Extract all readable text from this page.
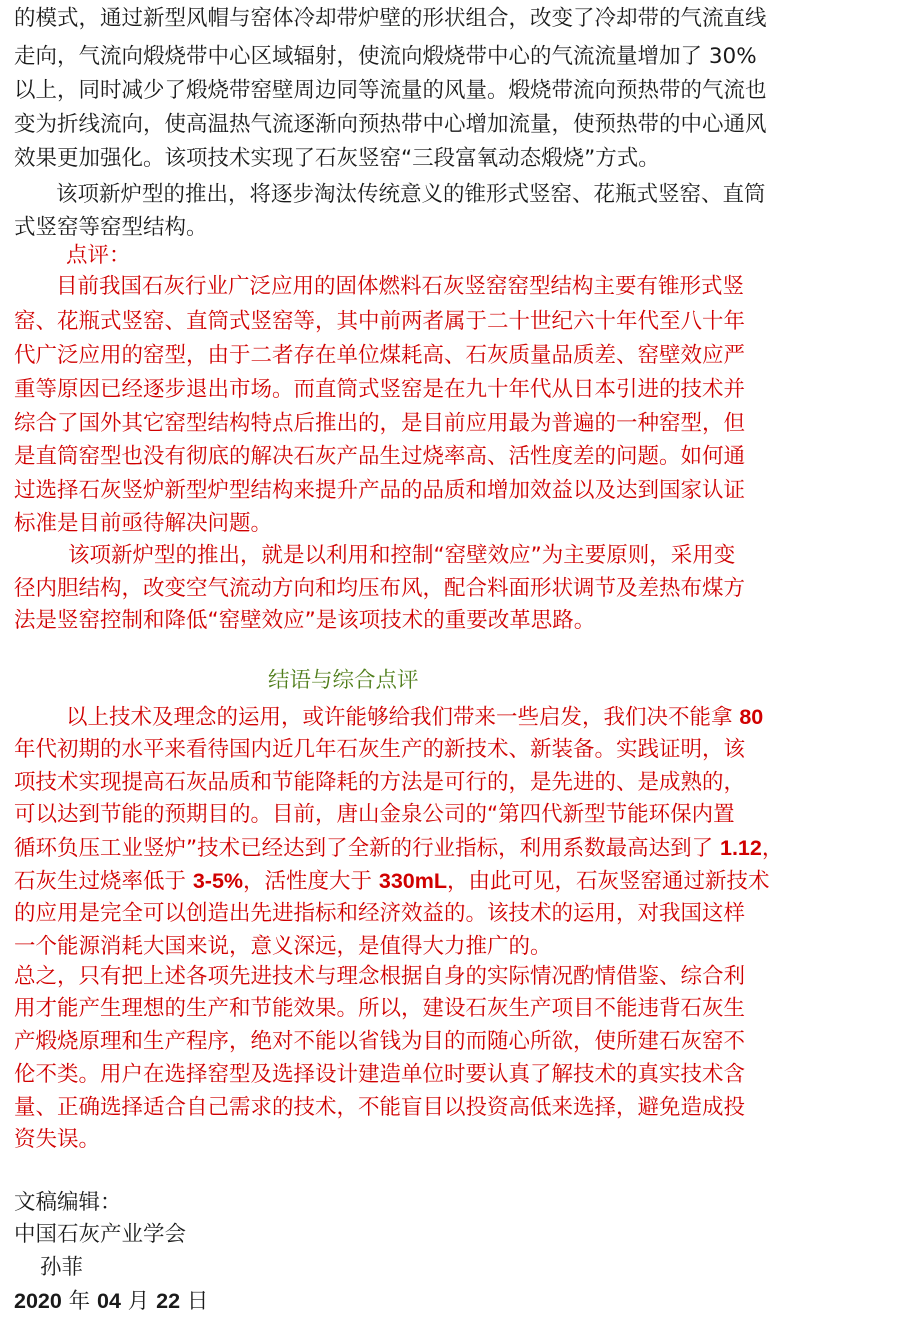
的模式，通过新型风帽与窑体冷却带炉壁的形状组合，改变了冷却带的气流直线
走向，气流向煅烧带中心区域辐射，使流向煅烧带中心的气流流量增加了 30%
以上，同时减少了煅烧带窑壁周边同等流量的风量。煅烧带流向预热带的气流也
变为折线流向，使高温热气流逐渐向预热带中心增加流量，使预热带的中心通风
效果更加强化。该项技术实现了石灰竖窑“三段富氧动态煅烧”方式。
该项新炉型的推出，将逐步淘汰传统意义的锥形式竖窑、花瓶式竖窑、直筒
式竖窑等窑型结构。
点评：
目前我国石灰行业广泛应用的固体燃料石灰竖窑窑型结构主要有锥形式竖
窑、花瓶式竖窑、直筒式竖窑等，其中前两者属于二十世纪六十年代至八十年
代广泛应用的窑型，由于二者存在单位煤耗高、石灰质量品质差、窑壁效应严
重等原因已经逐步退出市场。而直筒式竖窑是在九十年代从日本引进的技术并
综合了国外其它窑型结构特点后推出的，是目前应用最为普遍的一种窑型，但
是直筒窑型也没有彻底的解决石灰产品生过烧率高、活性度差的问题。如何通
过选择石灰竖炉新型炉型结构来提升产品的品质和增加效益以及达到国家认证
标准是目前亟待解决问题。
该项新炉型的推出，就是以利用和控制“窑壁效应”为主要原则，采用变
径内胆结构，改变空气流动方向和均压布风，配合料面形状调节及差热布煤方
法是竖窑控制和降低“窑壁效应”是该项技术的重要改革思路。
结语与综合点评
以上技术及理念的运用，或许能够给我们带来一些启发，我们决不能拿 80
年代初期的水平来看待国内近几年石灰生产的新技术、新装备。实践证明，该
项技术实现提高石灰品质和节能降耗的方法是可行的，是先进的、是成熟的，
可以达到节能的预期目的。目前，唐山金泉公司的“第四代新型节能环保内置
循环负压工业竖炉”技术已经达到了全新的行业指标，利用系数最高达到了 1.12，
石灰生过烧率低于 3-5%，活性度大于 330mL，由此可见，石灰竖窑通过新技术
的应用是完全可以创造出先进指标和经济效益的。该技术的运用，对我国这样
一个能源消耗大国来说，意义深远，是值得大力推广的。
总之，只有把上述各项先进技术与理念根据自身的实际情况酌情借鉴、综合利
用才能产生理想的生产和节能效果。所以，建设石灰生产项目不能违背石灰生
产煅烧原理和生产程序，绝对不能以省钱为目的而随心所欲，使所建石灰窑不
伦不类。用户在选择窑型及选择设计建造单位时要认真了解技术的真实技术含
量、正确选择适合自己需求的技术，不能盲目以投资高低来选择，避免造成投
资失误。
文稿编辑：
中国石灰产业学会
孙菲
2020 年 04 月 22 日
